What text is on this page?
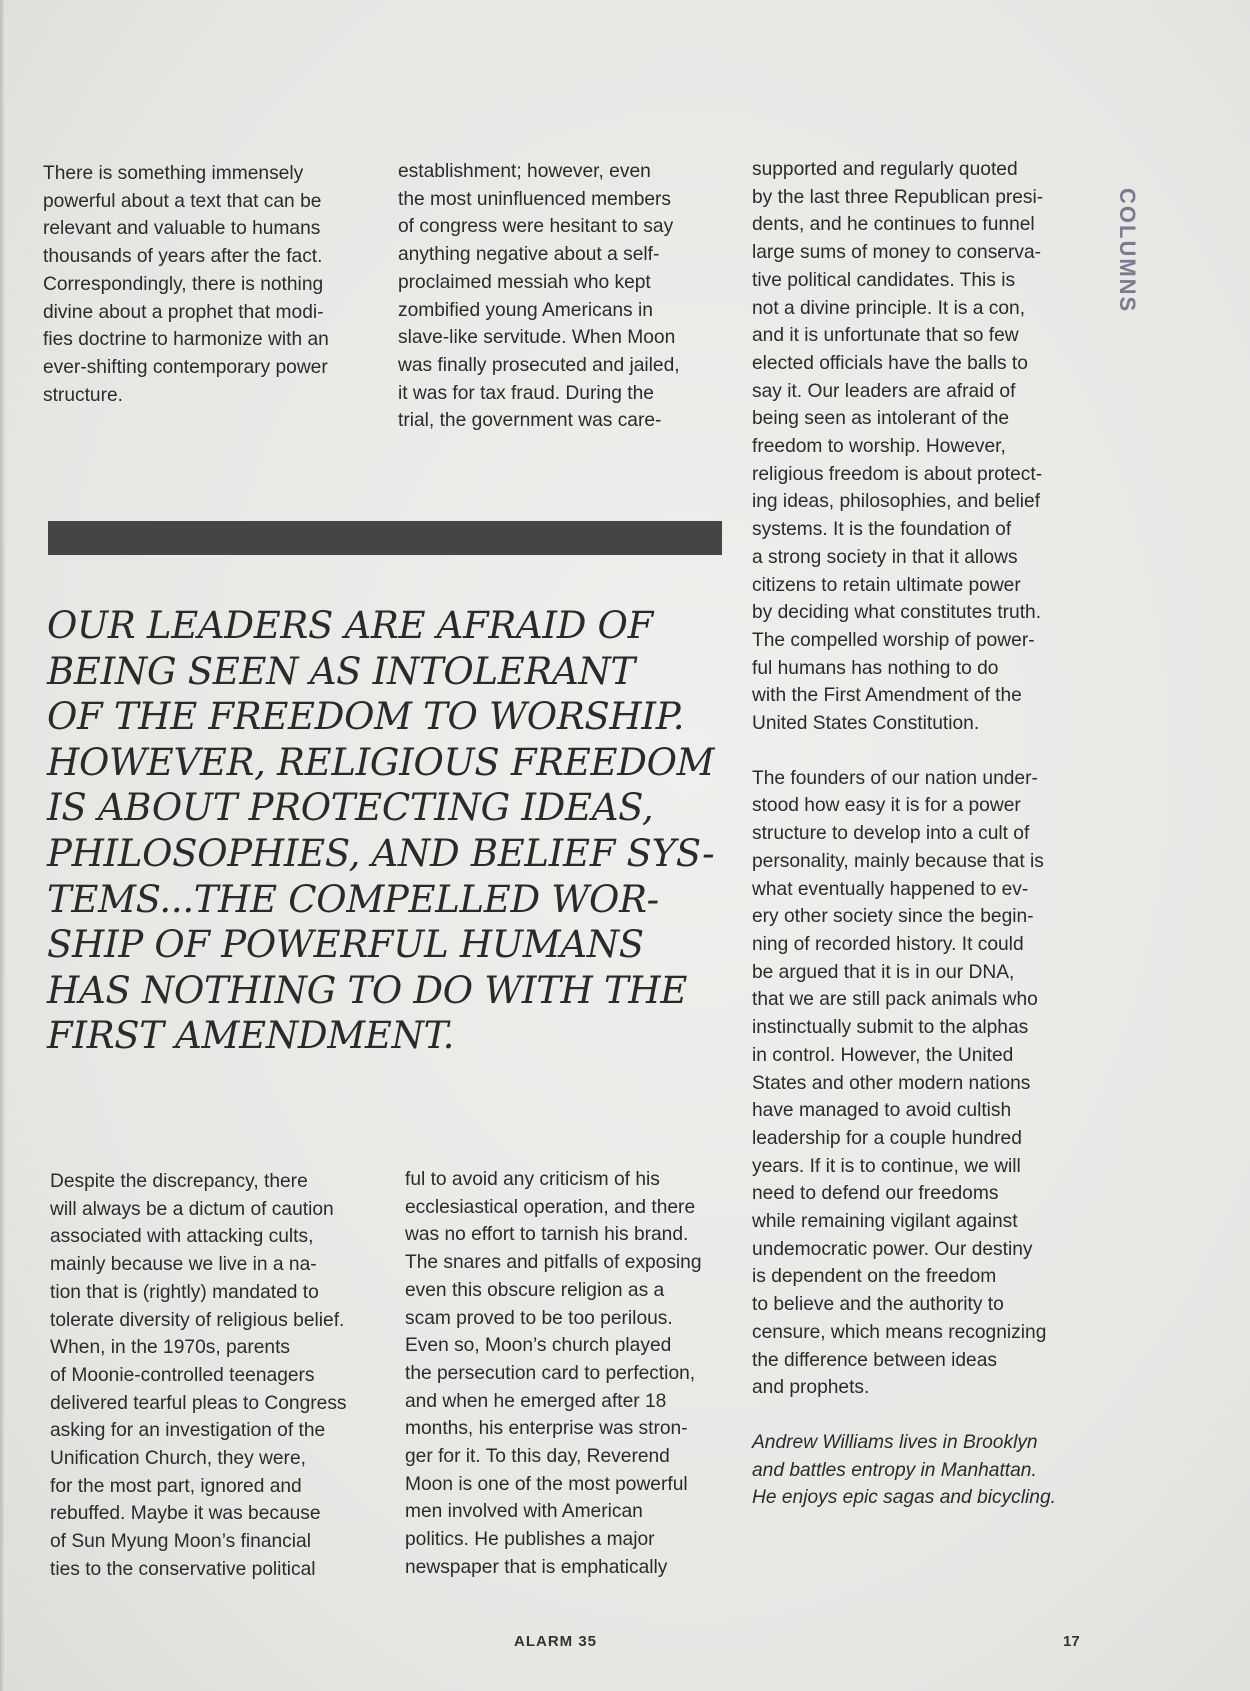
COLUMNS
There is something immensely
powerful about a text that can be
relevant and valuable to humans
thousands of years after the fact.
Correspondingly, there is nothing
divine about a prophet that modi-
fies doctrine to harmonize with an
ever-shifting contemporary power
structure.
establishment; however, even
the most uninfluenced members
of congress were hesitant to say
anything negative about a self-
proclaimed messiah who kept
zombified young Americans in
slave-like servitude. When Moon
was finally prosecuted and jailed,
it was for tax fraud. During the
trial, the government was care-
OUR LEADERS ARE AFRAID OF
BEING SEEN AS INTOLERANT
OF THE FREEDOM TO WORSHIP.
HOWEVER, RELIGIOUS FREEDOM
IS ABOUT PROTECTING IDEAS,
PHILOSOPHIES, AND BELIEF SYS-
TEMS...THE COMPELLED WOR-
SHIP OF POWERFUL HUMANS
HAS NOTHING TO DO WITH THE
FIRST AMENDMENT.
Despite the discrepancy, there
will always be a dictum of caution
associated with attacking cults,
mainly because we live in a na-
tion that is (rightly) mandated to
tolerate diversity of religious belief.
When, in the 1970s, parents
of Moonie-controlled teenagers
delivered tearful pleas to Congress
asking for an investigation of the
Unification Church, they were,
for the most part, ignored and
rebuffed. Maybe it was because
of Sun Myung Moon’s financial
ties to the conservative political
ful to avoid any criticism of his
ecclesiastical operation, and there
was no effort to tarnish his brand.
The snares and pitfalls of exposing
even this obscure religion as a
scam proved to be too perilous.
Even so, Moon’s church played
the persecution card to perfection,
and when he emerged after 18
months, his enterprise was stron-
ger for it. To this day, Reverend
Moon is one of the most powerful
men involved with American
politics. He publishes a major
newspaper that is emphatically
supported and regularly quoted
by the last three Republican presi-
dents, and he continues to funnel
large sums of money to conserva-
tive political candidates. This is
not a divine principle. It is a con,
and it is unfortunate that so few
elected officials have the balls to
say it. Our leaders are afraid of
being seen as intolerant of the
freedom to worship. However,
religious freedom is about protect-
ing ideas, philosophies, and belief
systems. It is the foundation of
a strong society in that it allows
citizens to retain ultimate power
by deciding what constitutes truth.
The compelled worship of power-
ful humans has nothing to do
with the First Amendment of the
United States Constitution.
The founders of our nation under-
stood how easy it is for a power
structure to develop into a cult of
personality, mainly because that is
what eventually happened to ev-
ery other society since the begin-
ning of recorded history. It could
be argued that it is in our DNA,
that we are still pack animals who
instinctually submit to the alphas
in control. However, the United
States and other modern nations
have managed to avoid cultish
leadership for a couple hundred
years. If it is to continue, we will
need to defend our freedoms
while remaining vigilant against
undemocratic power. Our destiny
is dependent on the freedom
to believe and the authority to
censure, which means recognizing
the difference between ideas
and prophets.
Andrew Williams lives in Brooklyn
and battles entropy in Manhattan.
He enjoys epic sagas and bicycling.
ALARM 35	17
